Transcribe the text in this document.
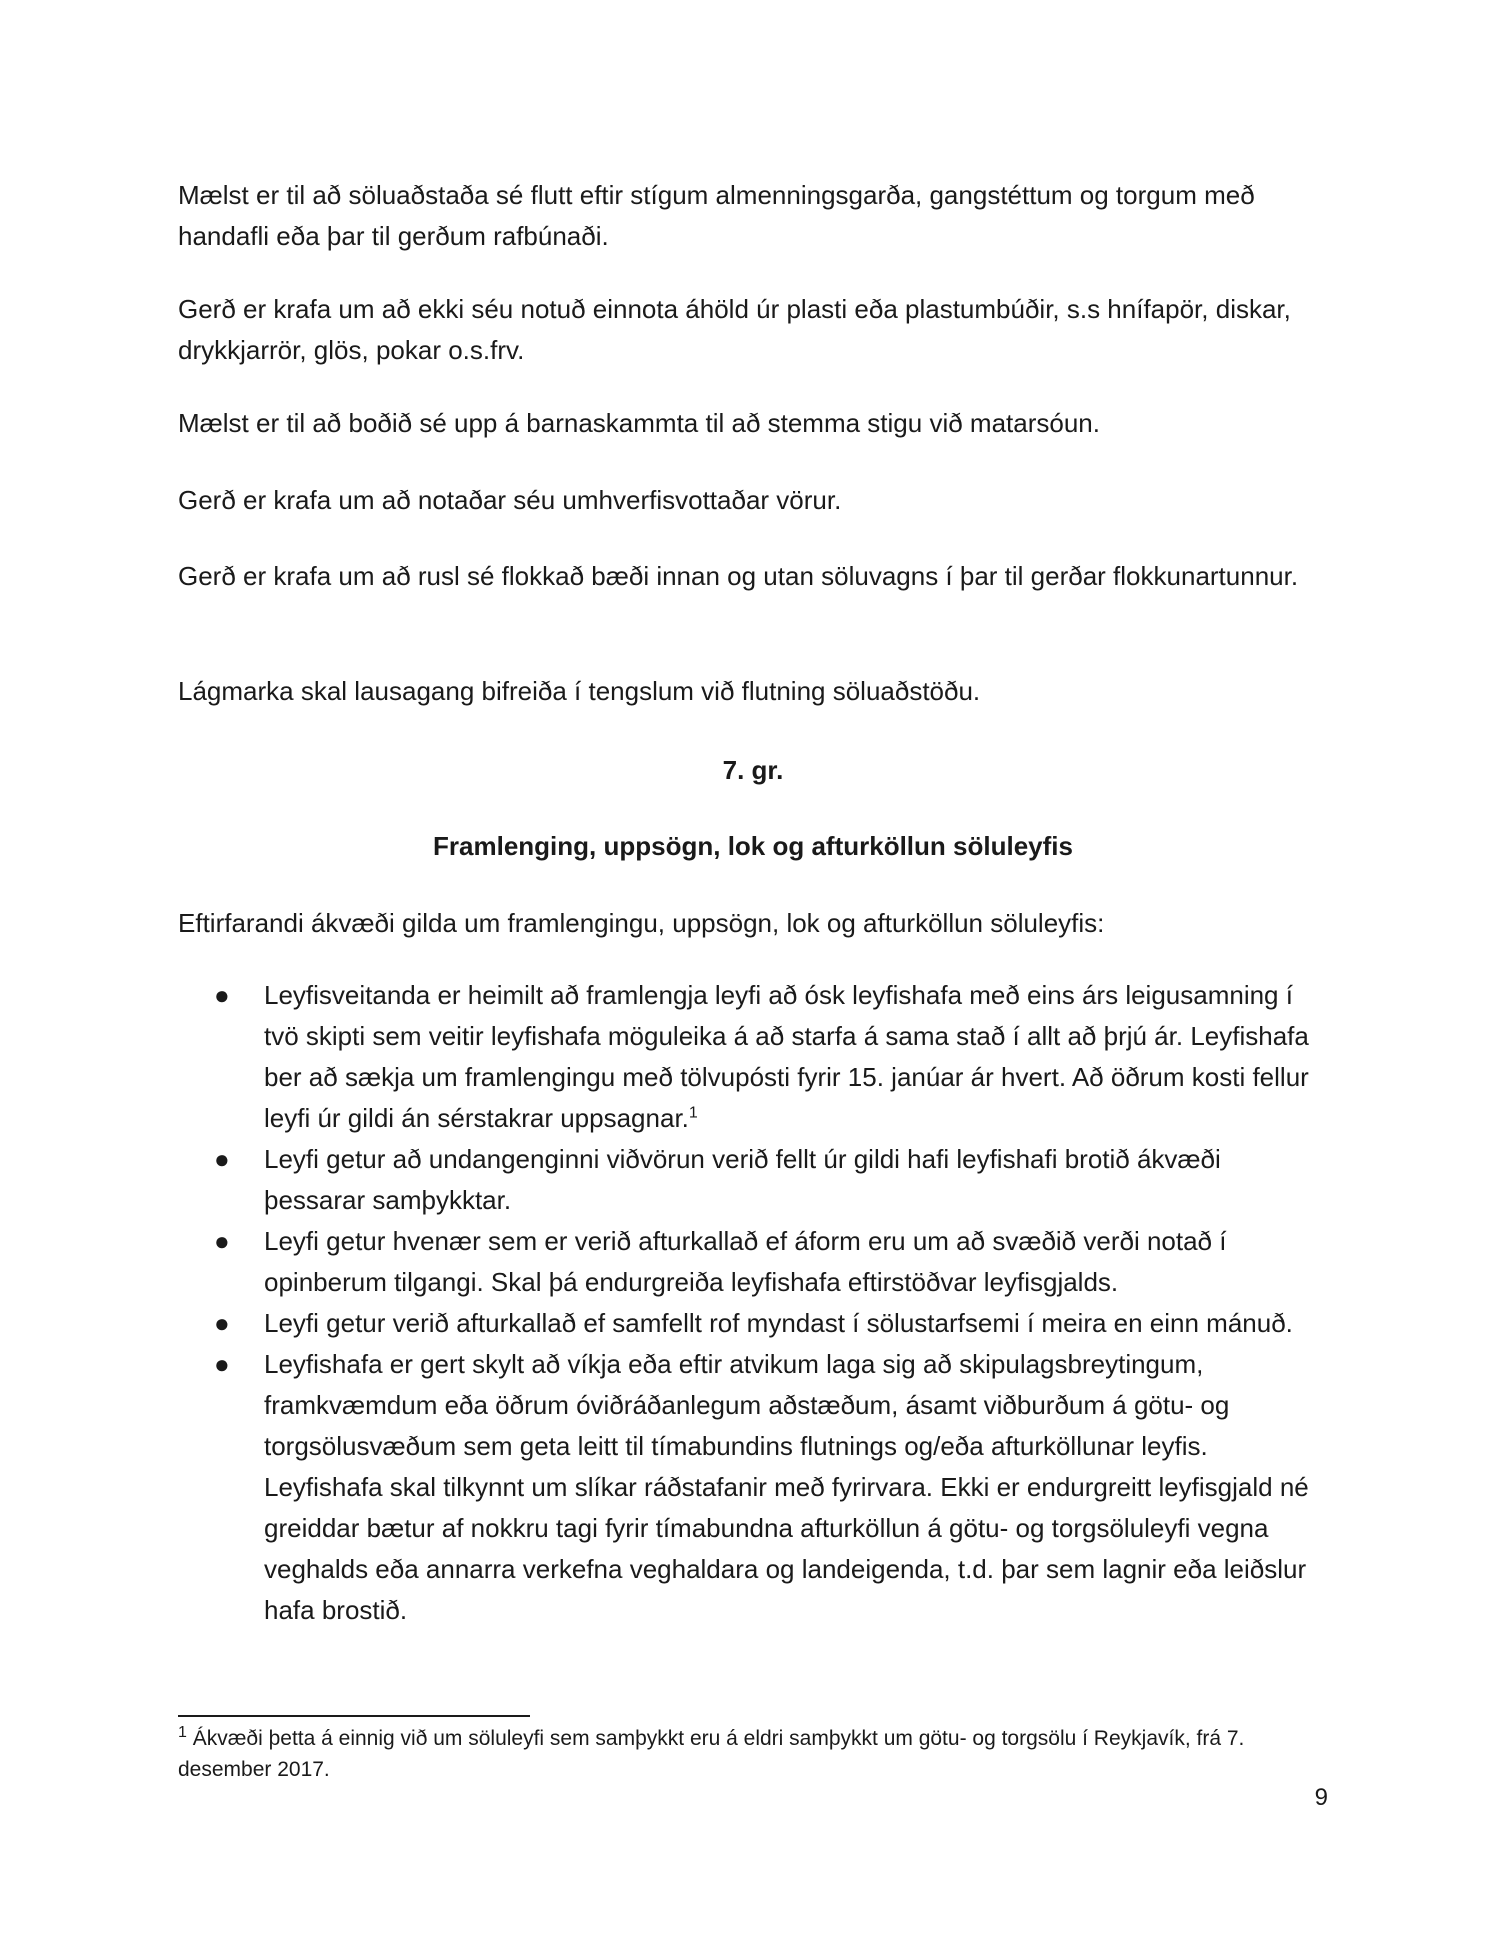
Mælst er til að söluaðstaða sé flutt eftir stígum almenningsgarða, gangstéttum og torgum með handafli eða þar til gerðum rafbúnaði.

Gerð er krafa um að ekki séu notuð einnota áhöld úr plasti eða plastumbúðir, s.s hnífapör, diskar, drykkjarrör, glös, pokar o.s.frv.

Mælst er til að boðið sé upp á barnaskammta til að stemma stigu við matarsóun.

Gerð er krafa um að notaðar séu umhverfisvottaðar vörur.

Gerð er krafa um að rusl sé flokkað bæði innan og utan söluvagns í þar til gerðar flokkunartunnur.

Lágmarka skal lausagang bifreiða í tengslum við flutning söluaðstöðu.

7. gr.

Framlenging, uppsögn, lok og afturköllun söluleyfis

Eftirfarandi ákvæði gilda um framlengingu, uppsögn, lok og afturköllun söluleyfis:

● Leyfisveitanda er heimilt að framlengja leyfi að ósk leyfishafa með eins árs leigusamning í tvö skipti sem veitir leyfishafa möguleika á að starfa á sama stað í allt að þrjú ár. Leyfishafa ber að sækja um framlengingu með tölvupósti fyrir 15. janúar ár hvert. Að öðrum kosti fellur leyfi úr gildi án sérstakrar uppsagnar.$^1$
● Leyfi getur að undangenginni viðvörun verið fellt úr gildi hafi leyfishafi brotið ákvæði þessarar samþykktar.
● Leyfi getur hvenær sem er verið afturkallað ef áform eru um að svæðið verði notað í opinberum tilgangi. Skal þá endurgreiða leyfishafa eftirstöðvar leyfisgjalds.
● Leyfi getur verið afturkallað ef samfellt rof myndast í sölustarfsemi í meira en einn mánuð.
● Leyfishafa er gert skylt að víkja eða eftir atvikum laga sig að skipulagsbreytingum, framkvæmdum eða öðrum óviðráðanlegum aðstæðum, ásamt viðburðum á götu- og torgsölusvæðum sem geta leitt til tímabundins flutnings og/eða afturköllunar leyfis. Leyfishafa skal tilkynnt um slíkar ráðstafanir með fyrirvara. Ekki er endurgreitt leyfisgjald né greiddar bætur af nokkru tagi fyrir tímabundna afturköllun á götu- og torgsöluleyfi vegna veghalds eða annarra verkefna veghaldara og landeigenda, t.d. þar sem lagnir eða leiðslur hafa brostið.

$^1$ Ákvæði þetta á einnig við um söluleyfi sem samþykkt eru á eldri samþykkt um götu- og torgsölu í Reykjavík, frá 7. desember 2017.

9
